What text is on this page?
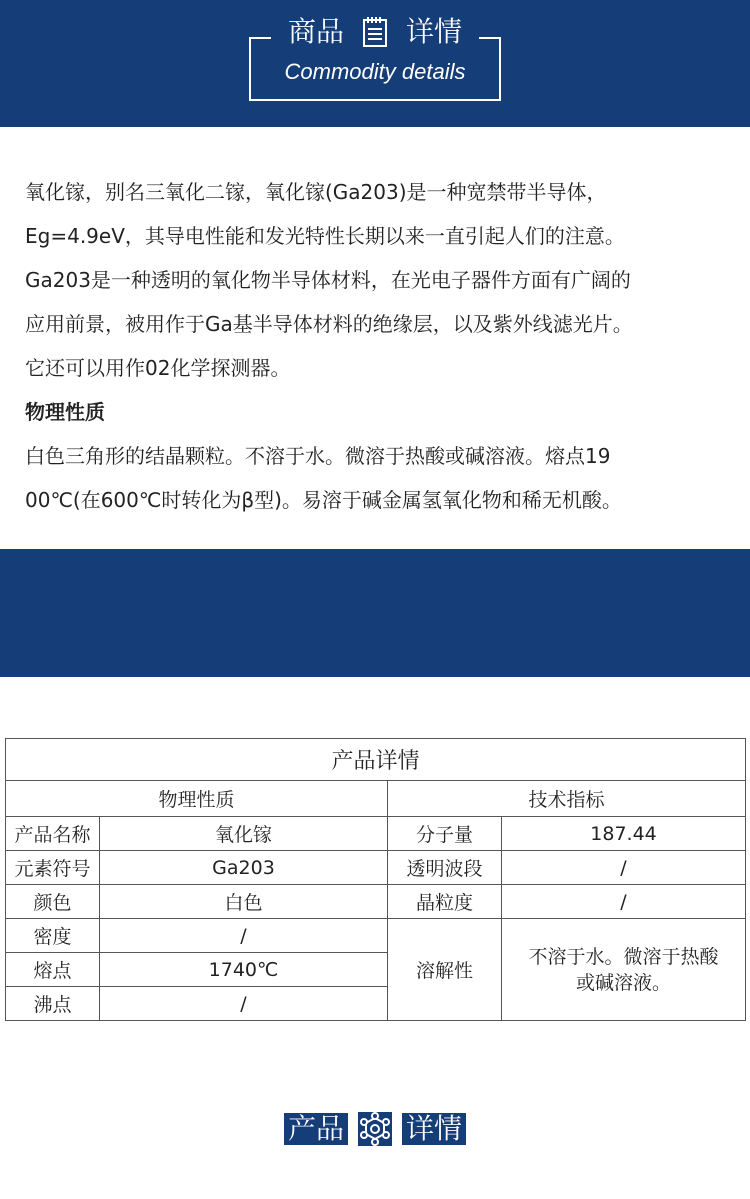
商品 详情
Commodity details

氧化镓，别名三氧化二镓，氧化镓(Ga203)是一种宽禁带半导体，

Eg=4.9eV，其导电性能和发光特性长期以来一直引起人们的注意。

Ga203是一种透明的氧化物半导体材料，在光电子器件方面有广阔的

应用前景，被用作于Ga基半导体材料的绝缘层，以及紫外线滤光片。

它还可以用作02化学探测器。

物理性质

白色三角形的结晶颗粒。不溶于水。微溶于热酸或碱溶液。熔点19

00℃(在600℃时转化为β型)。易溶于碱金属氢氧化物和稀无机酸。

产品 详情
Chemical composition
产品详情			
物理性质		技术指标	
产品名称	氧化镓	分子量	187.44
元素符号	Ga203	透明波段	/
颜色	白色	晶粒度	/
密度	/	溶解性	不溶于水。微溶于热酸
或碱溶液。

熔点	1740℃		
沸点	/		
